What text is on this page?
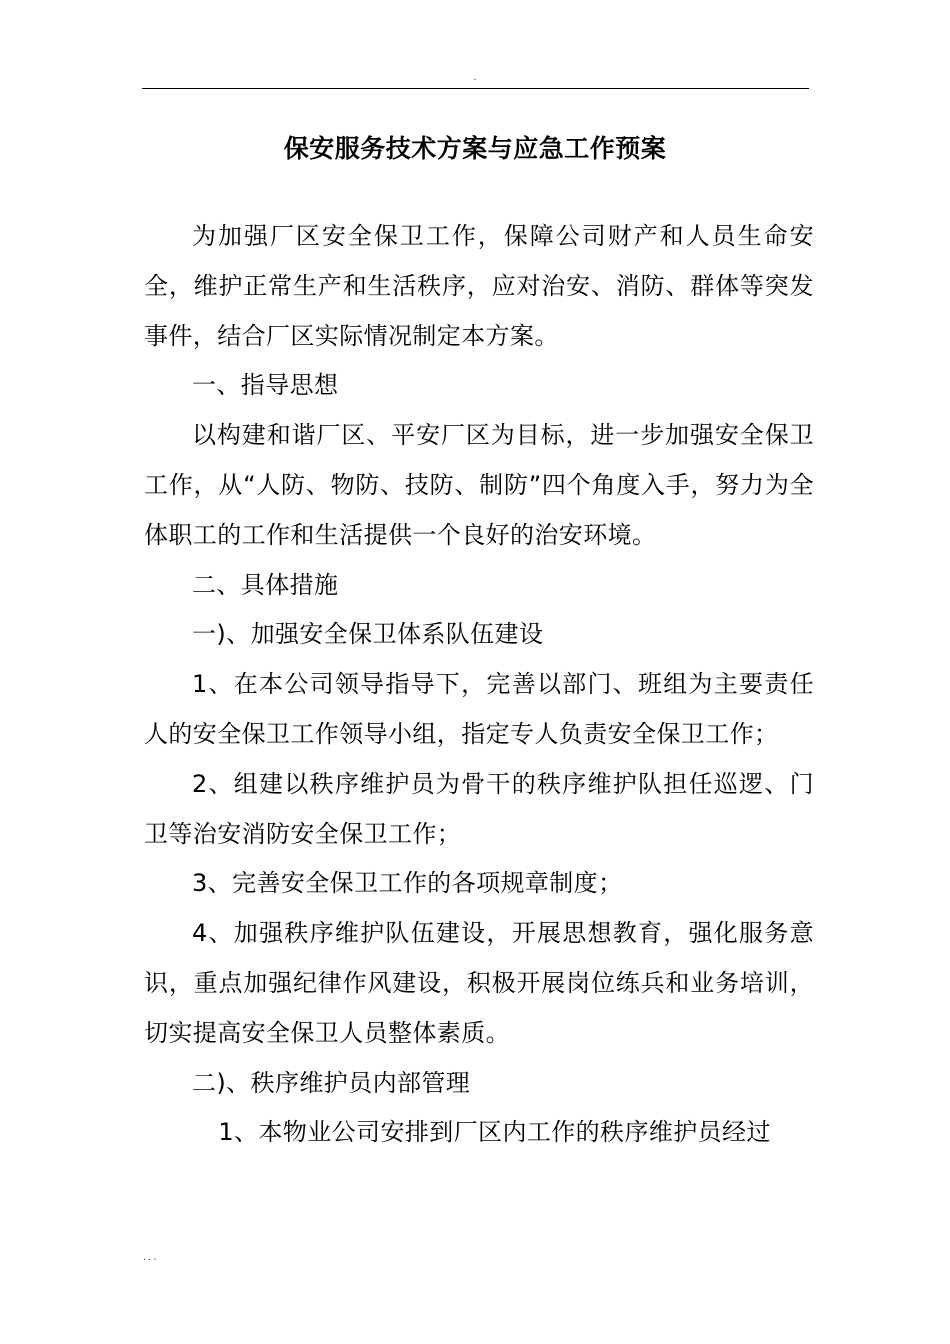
.
保安服务技术方案与应急工作预案

为加强厂区安全保卫工作，保障公司财产和人员生命安全，维护正常生产和生活秩序，应对治安、消防、群体等突发事件，结合厂区实际情况制定本方案。

一、指导思想

以构建和谐厂区、平安厂区为目标，进一步加强安全保卫工作，从“人防、物防、技防、制防”四个角度入手，努力为全体职工的工作和生活提供一个良好的治安环境。

二、具体措施

一)、加强安全保卫体系队伍建设

1、在本公司领导指导下，完善以部门、班组为主要责任人的安全保卫工作领导小组，指定专人负责安全保卫工作；

2、组建以秩序维护员为骨干的秩序维护队担任巡逻、门卫等治安消防安全保卫工作；

3、完善安全保卫工作的各项规章制度；

4、加强秩序维护队伍建设，开展思想教育，强化服务意识，重点加强纪律作风建设，积极开展岗位练兵和业务培训，切实提高安全保卫人员整体素质。

二)、秩序维护员内部管理

1、本物业公司安排到厂区内工作的秩序维护员经过

...
